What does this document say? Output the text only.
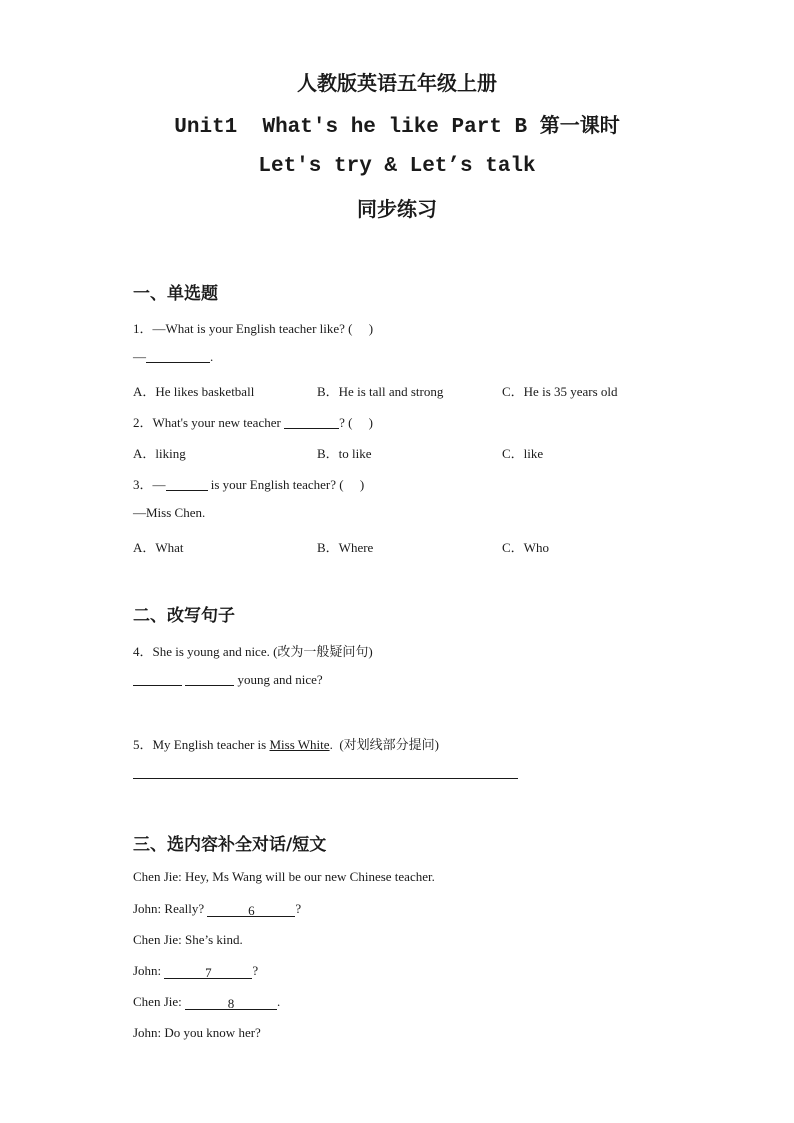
人教版英语五年级上册
Unit1  What's he like Part B 第一课时
Let's try & Let’s talk
同步练习
一、单选题
1．—What is your English teacher like? (     )
—	.
A．He likes basketball	B．He is tall and strong	C．He is 35 years old
2．What's your new teacher	? (     )
A．liking	B．to like	C．like
3．—	is your English teacher? (     )
—Miss Chen.
A．What	B．Where	C．Who
二、改写句子
4．She is young and nice. (改为一般疑问句)
young and nice?
5．My English teacher is Miss White.  (对划线部分提问)
三、选内容补全对话/短文
Chen Jie: Hey, Ms Wang will be our new Chinese teacher.
John: Really?	6	?
Chen Jie: She’s kind.
John:	7	?
Chen Jie:	8	.
John: Do you know her?
